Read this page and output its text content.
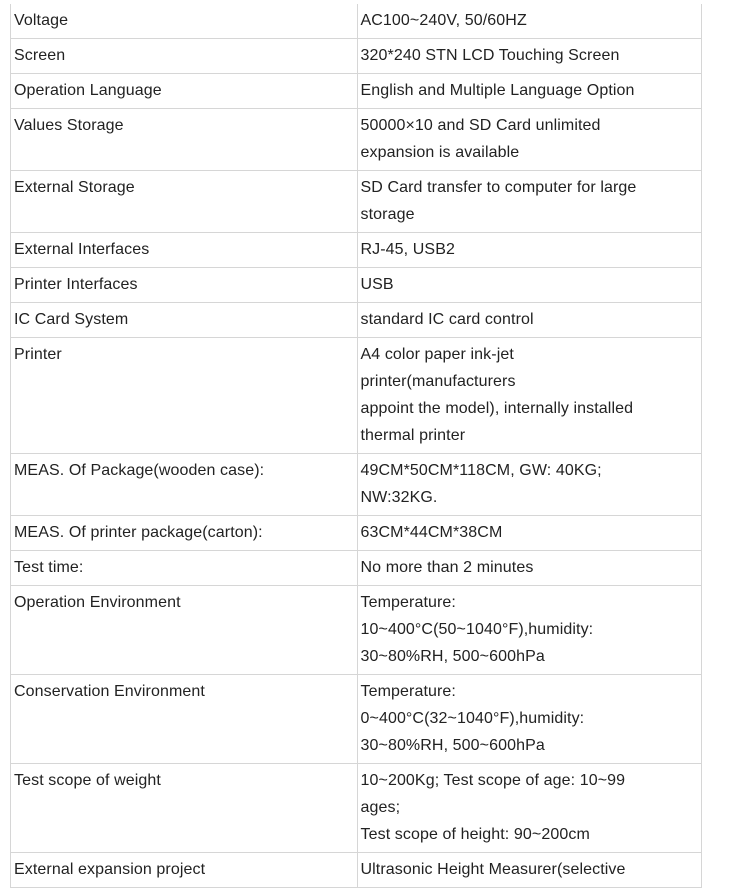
Voltage	AC100~240V, 50/60HZ
Screen	320*240 STN LCD Touching Screen
Operation Language	English and Multiple Language Option
Values Storage	50000×10 and SD Card unlimited
expansion is available
External Storage	SD Card transfer to computer for large
storage
External Interfaces	RJ-45, USB2
Printer Interfaces	USB
IC Card System	standard IC card control
Printer	A4 color paper ink-jet
printer(manufacturers
appoint the model), internally installed
thermal printer
MEAS. Of Package(wooden case):	49CM*50CM*118CM, GW: 40KG;
NW:32KG.
MEAS. Of printer package(carton):	63CM*44CM*38CM
Test time:	No more than 2 minutes
Operation Environment	Temperature:
10~400°C(50~1040°F),humidity:
30~80%RH, 500~600hPa
Conservation Environment	Temperature:
0~400°C(32~1040°F),humidity:
30~80%RH, 500~600hPa
Test scope of weight	10~200Kg; Test scope of age: 10~99
ages;
Test scope of height: 90~200cm
External expansion project	Ultrasonic Height Measurer(selective
